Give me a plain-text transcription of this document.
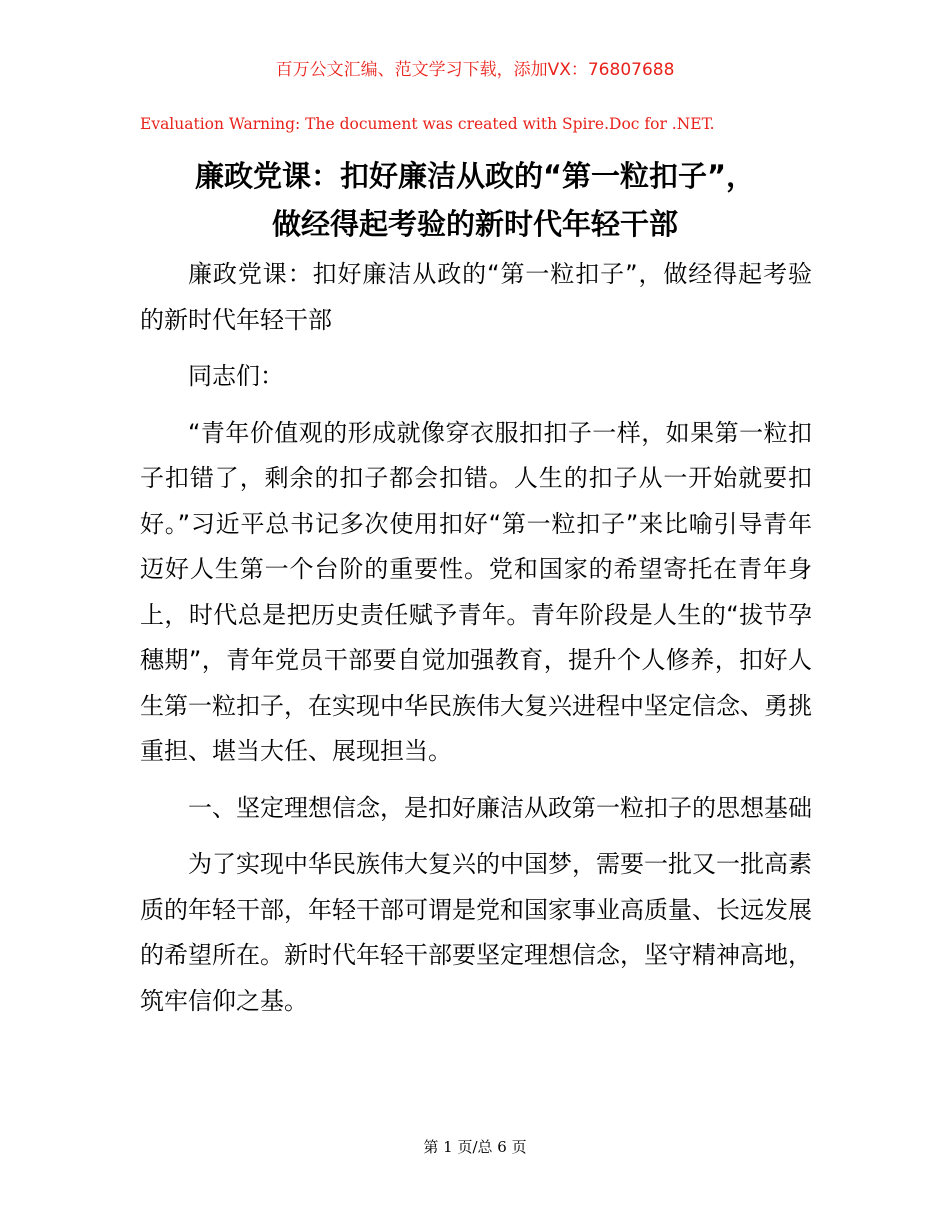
百万公文汇编、范文学习下载，添加VX：76807688
Evaluation Warning: The document was created with Spire.Doc for .NET.
廉政党课：扣好廉洁从政的“第一粒扣子”，
做经得起考验的新时代年轻干部

廉政党课：扣好廉洁从政的“第一粒扣子”，做经得起考验的新时代年轻干部

同志们：

“青年价值观的形成就像穿衣服扣扣子一样，如果第一粒扣子扣错了，剩余的扣子都会扣错。人生的扣子从一开始就要扣好。”习近平总书记多次使用扣好“第一粒扣子”来比喻引导青年迈好人生第一个台阶的重要性。党和国家的希望寄托在青年身上，时代总是把历史责任赋予青年。青年阶段是人生的“拔节孕穗期”，青年党员干部要自觉加强教育，提升个人修养，扣好人生第一粒扣子，在实现中华民族伟大复兴进程中坚定信念、勇挑重担、堪当大任、展现担当。

一、坚定理想信念，是扣好廉洁从政第一粒扣子的思想基础

为了实现中华民族伟大复兴的中国梦，需要一批又一批高素质的年轻干部，年轻干部可谓是党和国家事业高质量、长远发展的希望所在。新时代年轻干部要坚定理想信念，坚守精神高地，筑牢信仰之基。

第 1 页/总 6 页
